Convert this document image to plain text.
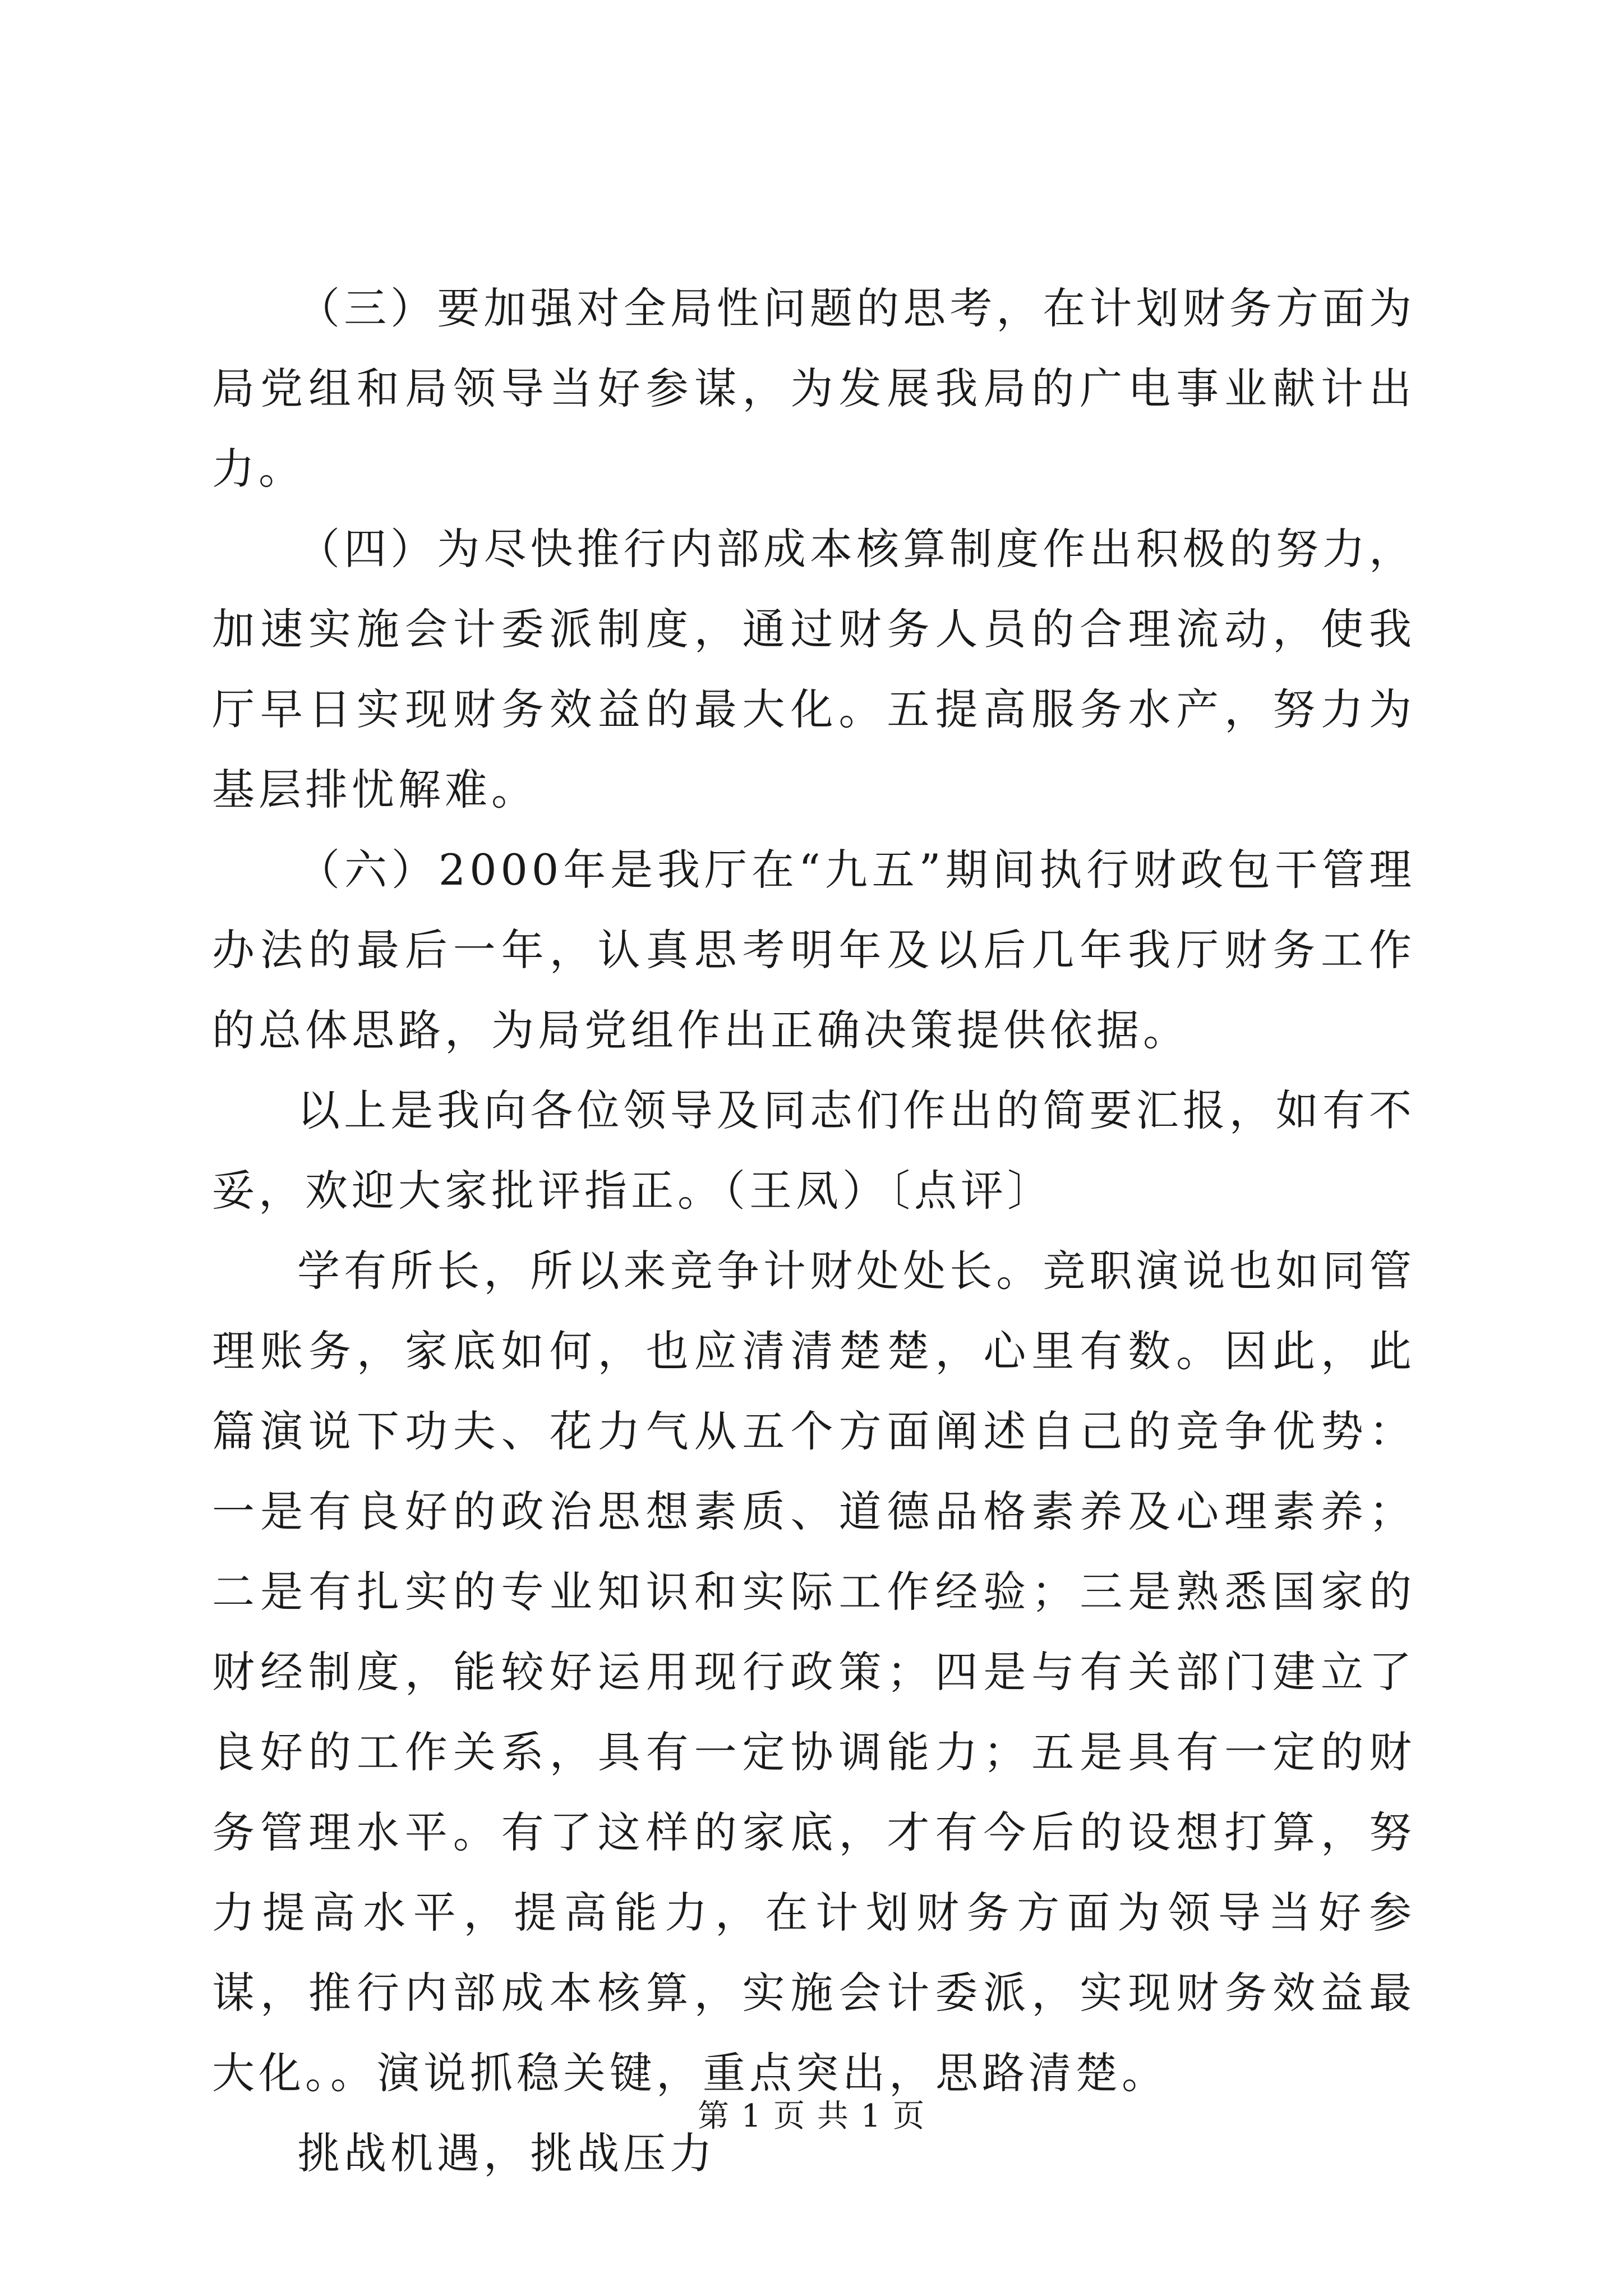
（三）要加强对全局性问题的思考，在计划财务方面为局党组和局领导当好参谋，为发展我局的广电事业献计出力。

（四）为尽快推行内部成本核算制度作出积极的努力，加速实施会计委派制度，通过财务人员的合理流动，使我厅早日实现财务效益的最大化。五提高服务水产，努力为基层排忧解难。

（六）2000年是我厅在“九五”期间执行财政包干管理办法的最后一年，认真思考明年及以后几年我厅财务工作的总体思路，为局党组作出正确决策提供依据。

以上是我向各位领导及同志们作出的简要汇报，如有不妥，欢迎大家批评指正。（王凤）〔点评〕

学有所长，所以来竞争计财处处长。竞职演说也如同管理账务，家底如何，也应清清楚楚，心里有数。因此，此篇演说下功夫、花力气从五个方面阐述自己的竞争优势：一是有良好的政治思想素质、道德品格素养及心理素养；二是有扎实的专业知识和实际工作经验；三是熟悉国家的财经制度，能较好运用现行政策；四是与有关部门建立了良好的工作关系，具有一定协调能力；五是具有一定的财务管理水平。有了这样的家底，才有今后的设想打算，努力提高水平，提高能力，在计划财务方面为领导当好参谋，推行内部成本核算，实施会计委派，实现财务效益最大化。。演说抓稳关键，重点突出，思路清楚。

挑战机遇，挑战压力

第 1 页 共 1 页
